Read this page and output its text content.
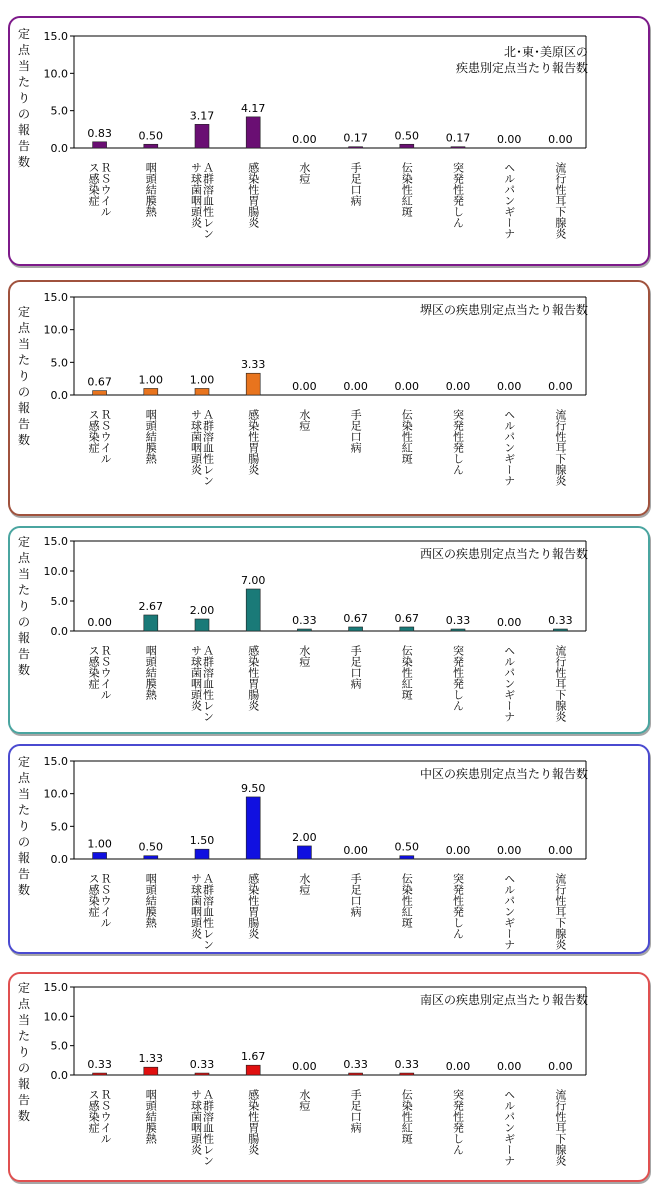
定点当たりの報告数
北･東･美原区の
疾患別定点当たり報告数
15.0
10.0
5.0
0.0
0.83
ＲＳウイル
ス感染症
0.50
咽頭結膜熱
3.17
Ａ群溶血性レン
サ球菌咽頭炎
4.17
感染性胃腸炎
0.00
水痘
0.17
手足口病
0.50
伝染性紅斑
0.17
突発性発しん
0.00
ヘルパンギーナ
0.00
流行性耳下腺炎
定点当たりの報告数
堺区の疾患別定点当たり報告数
15.0
10.0
5.0
0.0
0.67
ＲＳウイル
ス感染症
1.00
咽頭結膜熱
1.00
Ａ群溶血性レン
サ球菌咽頭炎
3.33
感染性胃腸炎
0.00
水痘
0.00
手足口病
0.00
伝染性紅斑
0.00
突発性発しん
0.00
ヘルパンギーナ
0.00
流行性耳下腺炎
定点当たりの報告数
西区の疾患別定点当たり報告数
15.0
10.0
5.0
0.0
0.00
ＲＳウイル
ス感染症
2.67
咽頭結膜熱
2.00
Ａ群溶血性レン
サ球菌咽頭炎
7.00
感染性胃腸炎
0.33
水痘
0.67
手足口病
0.67
伝染性紅斑
0.33
突発性発しん
0.00
ヘルパンギーナ
0.33
流行性耳下腺炎
定点当たりの報告数
中区の疾患別定点当たり報告数
15.0
10.0
5.0
0.0
1.00
ＲＳウイル
ス感染症
0.50
咽頭結膜熱
1.50
Ａ群溶血性レン
サ球菌咽頭炎
9.50
感染性胃腸炎
2.00
水痘
0.00
手足口病
0.50
伝染性紅斑
0.00
突発性発しん
0.00
ヘルパンギーナ
0.00
流行性耳下腺炎
定点当たりの報告数
南区の疾患別定点当たり報告数
15.0
10.0
5.0
0.0
0.33
ＲＳウイル
ス感染症
1.33
咽頭結膜熱
0.33
Ａ群溶血性レン
サ球菌咽頭炎
1.67
感染性胃腸炎
0.00
水痘
0.33
手足口病
0.33
伝染性紅斑
0.00
突発性発しん
0.00
ヘルパンギーナ
0.00
流行性耳下腺炎
